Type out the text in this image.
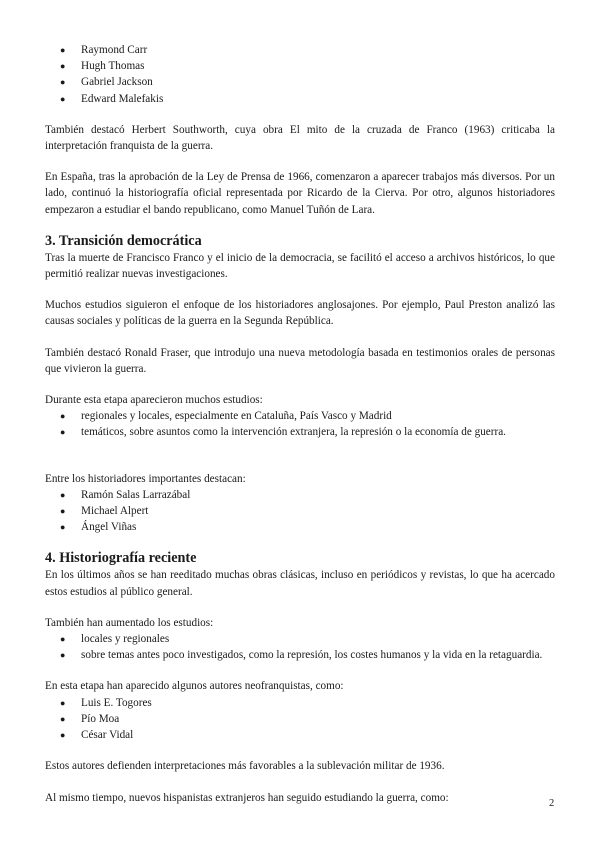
● Raymond Carr
● Hugh Thomas
● Gabriel Jackson
● Edward Malefakis

También destacó Herbert Southworth, cuya obra El mito de la cruzada de Franco (1963) criticaba la interpretación franquista de la guerra.

En España, tras la aprobación de la Ley de Prensa de 1966, comenzaron a aparecer trabajos más diversos. Por un lado, continuó la historiografía oficial representada por Ricardo de la Cierva. Por otro, algunos historiadores empezaron a estudiar el bando republicano, como Manuel Tuñón de Lara.

3. Transición democrática

Tras la muerte de Francisco Franco y el inicio de la democracia, se facilitó el acceso a archivos históricos, lo que permitió realizar nuevas investigaciones.

Muchos estudios siguieron el enfoque de los historiadores anglosajones. Por ejemplo, Paul Preston analizó las causas sociales y políticas de la guerra en la Segunda República.

También destacó Ronald Fraser, que introdujo una nueva metodología basada en testimonios orales de personas que vivieron la guerra.

Durante esta etapa aparecieron muchos estudios:

● regionales y locales, especialmente en Cataluña, País Vasco y Madrid
● temáticos, sobre asuntos como la intervención extranjera, la represión o la economía de guerra.

Entre los historiadores importantes destacan:

● Ramón Salas Larrazábal
● Michael Alpert
● Ángel Viñas
4. Historiografía reciente

En los últimos años se han reeditado muchas obras clásicas, incluso en periódicos y revistas, lo que ha acercado estos estudios al público general.

También han aumentado los estudios:

● locales y regionales
● sobre temas antes poco investigados, como la represión, los costes humanos y la vida en la retaguardia.

En esta etapa han aparecido algunos autores neofranquistas, como:

● Luis E. Togores
● Pío Moa
● César Vidal

Estos autores defienden interpretaciones más favorables a la sublevación militar de 1936.

Al mismo tiempo, nuevos hispanistas extranjeros han seguido estudiando la guerra, como:	2
